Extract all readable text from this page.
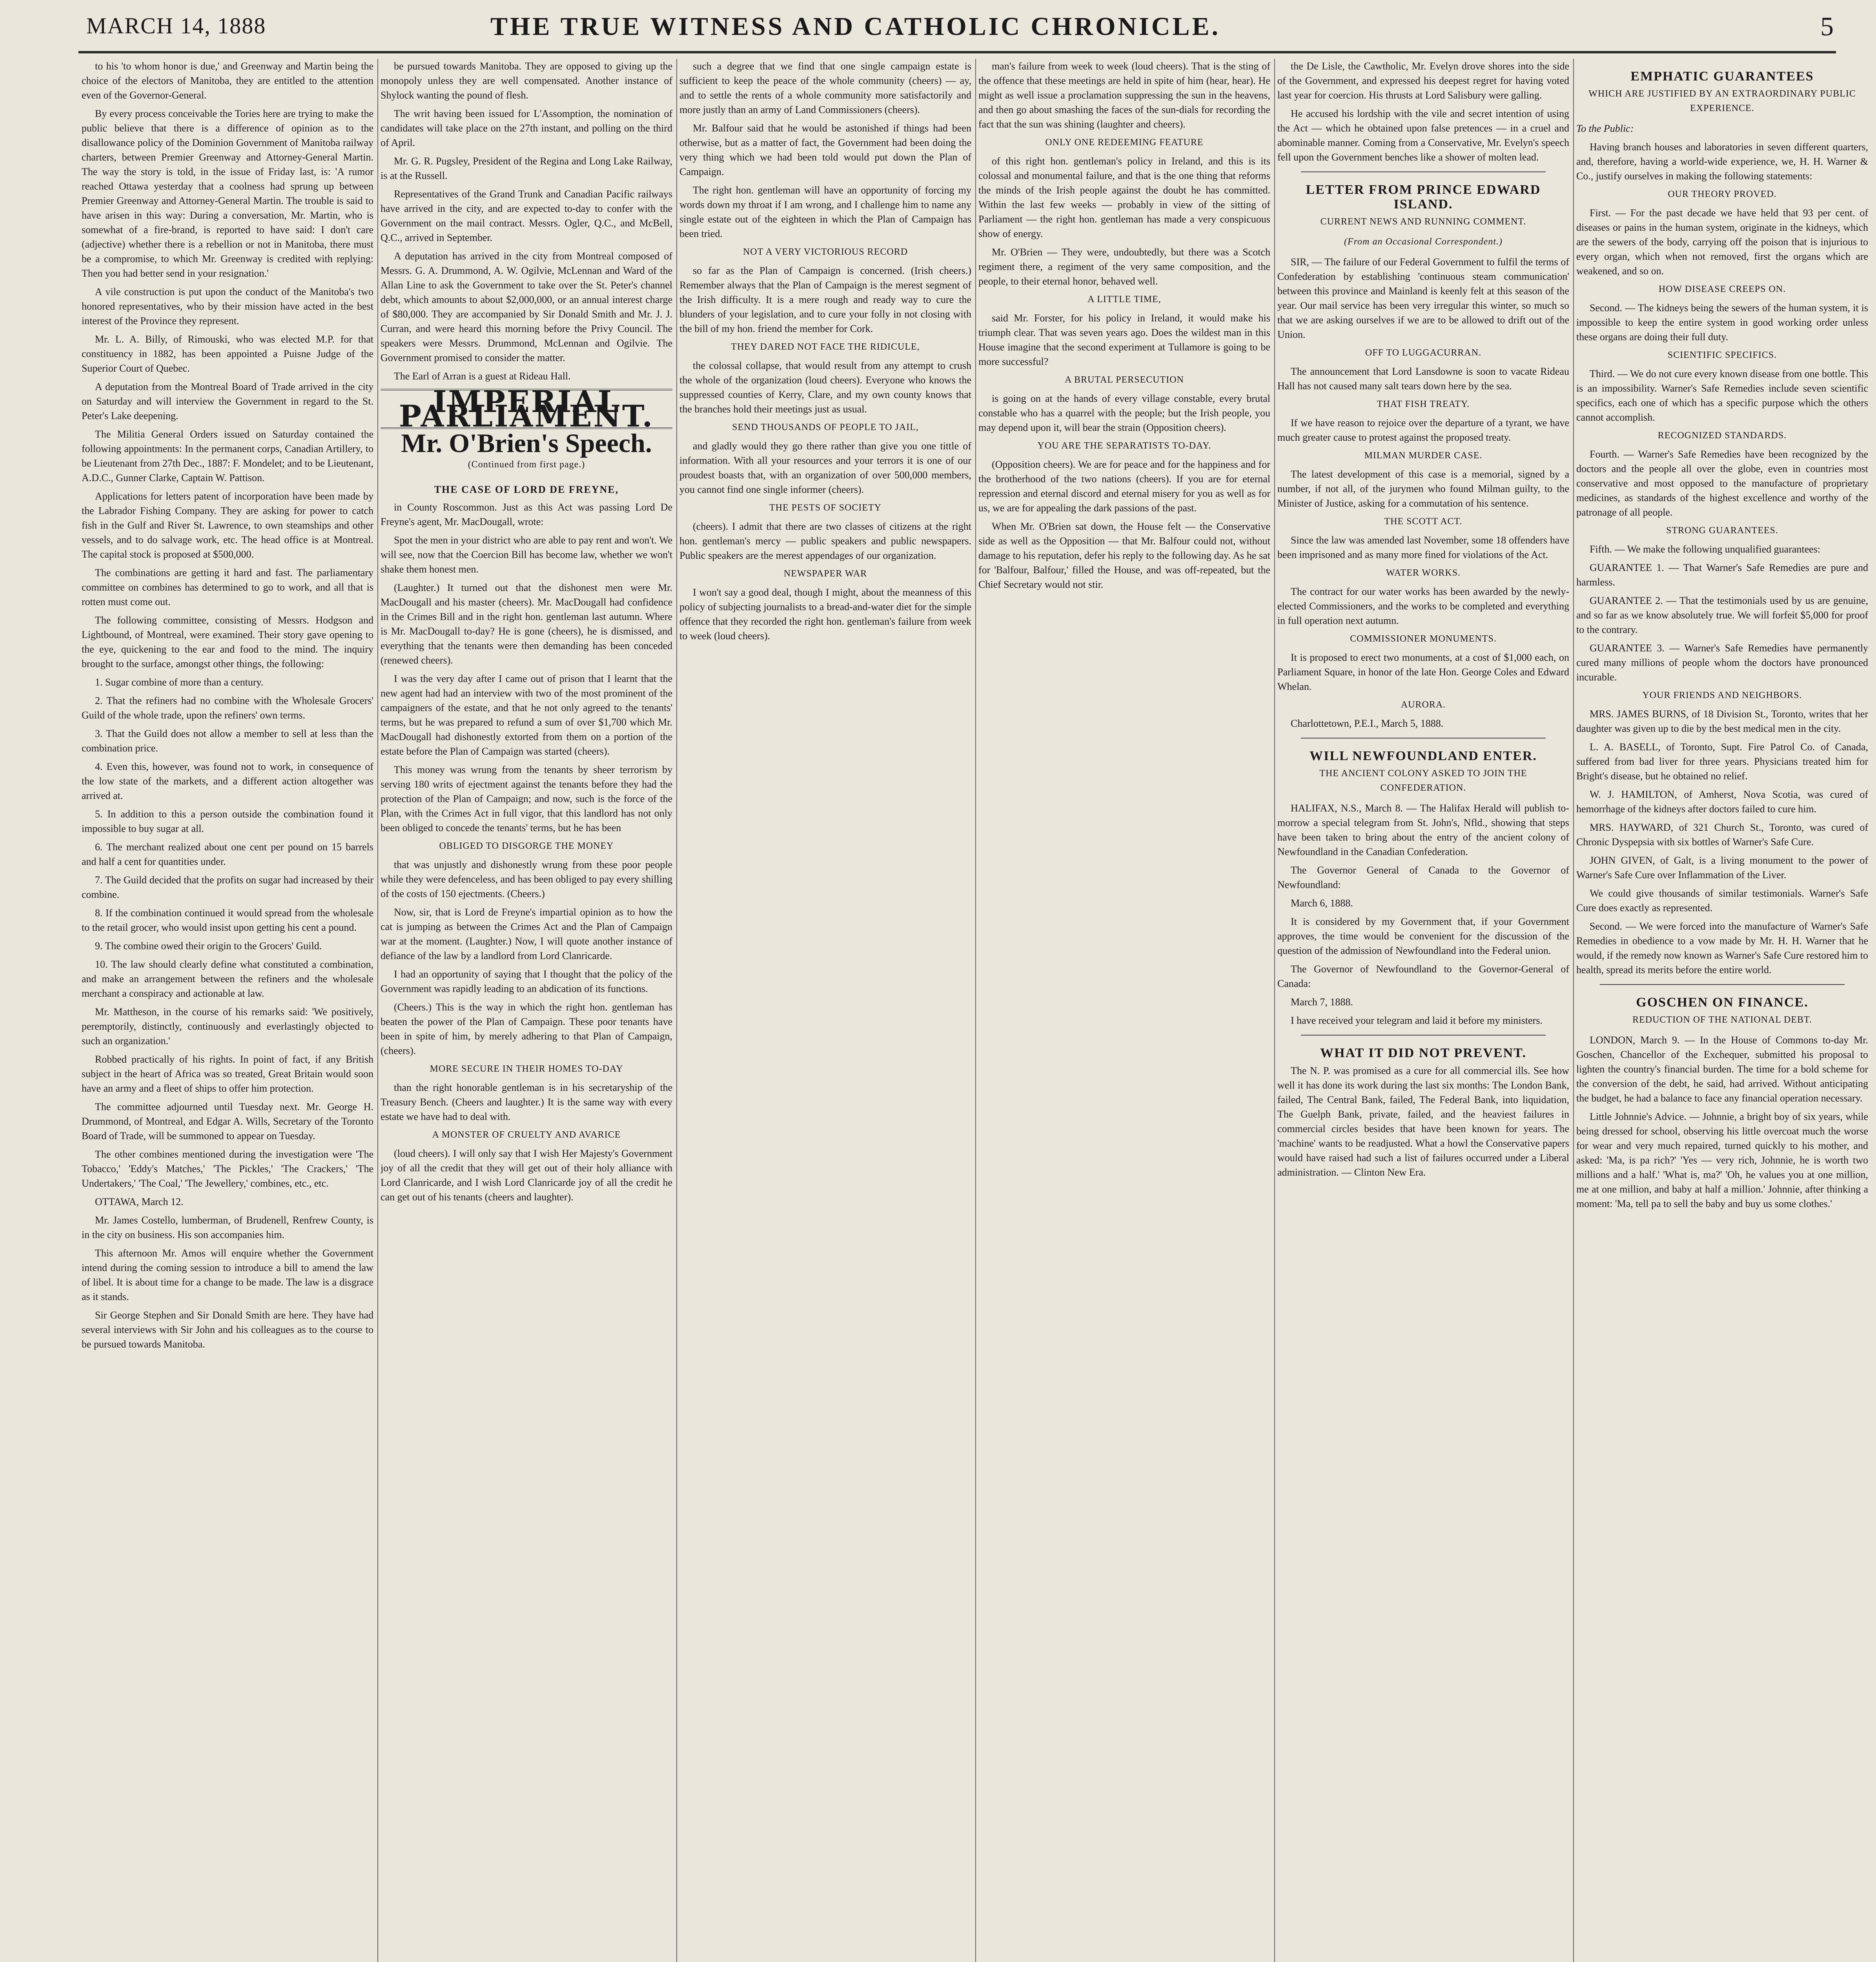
MARCH 14, 1888	THE TRUE WITNESS AND CATHOLIC CHRONICLE.	5

to his 'to whom honor is due,' and Greenway and Martin being the choice of the electors of Manitoba, they are entitled to the attention even of the Governor-General.

By every process conceivable the Tories here are trying to make the public believe that there is a difference of opinion as to the disallowance policy of the Dominion Government of Manitoba railway charters, between Premier Greenway and Attorney-General Martin. The way the story is told, in the issue of Friday last, is: 'A rumor reached Ottawa yesterday that a coolness had sprung up between Premier Greenway and Attorney-General Martin. The trouble is said to have arisen in this way: During a conversation, Mr. Martin, who is somewhat of a fire-brand, is reported to have said: I don't care (adjective) whether there is a rebellion or not in Manitoba, there must be a compromise, to which Mr. Greenway is credited with replying: Then you had better send in your resignation.'

A vile construction is put upon the conduct of the Manitoba's two honored representatives, who by their mission have acted in the best interest of the Province they represent.

Mr. L. A. Billy, of Rimouski, who was elected M.P. for that constituency in 1882, has been appointed a Puisne Judge of the Superior Court of Quebec.

A deputation from the Montreal Board of Trade arrived in the city on Saturday and will interview the Government in regard to the St. Peter's Lake deepening.

The Militia General Orders issued on Saturday contained the following appointments: In the permanent corps, Canadian Artillery, to be Lieutenant from 27th Dec., 1887: F. Mondelet; and to be Lieutenant, A.D.C., Gunner Clarke, Captain W. Pattison.

Applications for letters patent of incorporation have been made by the Labrador Fishing Company. They are asking for power to catch fish in the Gulf and River St. Lawrence, to own steamships and other vessels, and to do salvage work, etc. The head office is at Montreal. The capital stock is proposed at $500,000.

The combinations are getting it hard and fast. The parliamentary committee on combines has determined to go to work, and all that is rotten must come out.

The following committee, consisting of Messrs. Hodgson and Lightbound, of Montreal, were examined. Their story gave opening to the eye, quickening to the ear and food to the mind. The inquiry brought to the surface, amongst other things, the following:

1. Sugar combine of more than a century.

2. That the refiners had no combine with the Wholesale Grocers' Guild of the whole trade, upon the refiners' own terms.

3. That the Guild does not allow a member to sell at less than the combination price.

4. Even this, however, was found not to work, in consequence of the low state of the markets, and a different action altogether was arrived at.

5. In addition to this a person outside the combination found it impossible to buy sugar at all.

6. The merchant realized about one cent per pound on 15 barrels and half a cent for quantities under.

7. The Guild decided that the profits on sugar had increased by their combine.

8. If the combination continued it would spread from the wholesale to the retail grocer, who would insist upon getting his cent a pound.

9. The combine owed their origin to the Grocers' Guild.

10. The law should clearly define what constituted a combination, and make an arrangement between the refiners and the wholesale merchant a conspiracy and actionable at law.

Mr. Mattheson, in the course of his remarks said: 'We positively, peremptorily, distinctly, continuously and everlastingly objected to such an organization.'

Robbed practically of his rights. In point of fact, if any British subject in the heart of Africa was so treated, Great Britain would soon have an army and a fleet of ships to offer him protection.

The committee adjourned until Tuesday next. Mr. George H. Drummond, of Montreal, and Edgar A. Wills, Secretary of the Toronto Board of Trade, will be summoned to appear on Tuesday.

The other combines mentioned during the investigation were 'The Tobacco,' 'Eddy's Matches,' 'The Pickles,' 'The Crackers,' 'The Undertakers,' 'The Coal,' 'The Jewellery,' combines, etc., etc.

OTTAWA, March 12.

Mr. James Costello, lumberman, of Brudenell, Renfrew County, is in the city on business. His son accompanies him.

This afternoon Mr. Amos will enquire whether the Government intend during the coming session to introduce a bill to amend the law of libel. It is about time for a change to be made. The law is a disgrace as it stands.

Sir George Stephen and Sir Donald Smith are here. They have had several interviews with Sir John and his colleagues as to the course to be pursued towards Manitoba.

be pursued towards Manitoba. They are opposed to giving up the monopoly unless they are well compensated. Another instance of Shylock wanting the pound of flesh.

The writ having been issued for L'Assomption, the nomination of candidates will take place on the 27th instant, and polling on the third of April.

Mr. G. R. Pugsley, President of the Regina and Long Lake Railway, is at the Russell.

Representatives of the Grand Trunk and Canadian Pacific railways have arrived in the city, and are expected to-day to confer with the Government on the mail contract. Messrs. Ogler, Q.C., and McBell, Q.C., arrived in September.

A deputation has arrived in the city from Montreal composed of Messrs. G. A. Drummond, A. W. Ogilvie, McLennan and Ward of the Allan Line to ask the Government to take over the St. Peter's channel debt, which amounts to about $2,000,000, or an annual interest charge of $80,000. They are accompanied by Sir Donald Smith and Mr. J. J. Curran, and were heard this morning before the Privy Council. The speakers were Messrs. Drummond, McLennan and Ogilvie. The Government promised to consider the matter.

The Earl of Arran is a guest at Rideau Hall.

IMPERIAL PARLIAMENT.
Mr. O'Brien's Speech.
(Continued from first page.)
THE CASE OF LORD DE FREYNE,

in County Roscommon. Just as this Act was passing Lord De Freyne's agent, Mr. MacDougall, wrote:

Spot the men in your district who are able to pay rent and won't. We will see, now that the Coercion Bill has become law, whether we won't shake them honest men.

(Laughter.) It turned out that the dishonest men were Mr. MacDougall and his master (cheers). Mr. MacDougall had confidence in the Crimes Bill and in the right hon. gentleman last autumn. Where is Mr. MacDougall to-day? He is gone (cheers), he is dismissed, and everything that the tenants were then demanding has been conceded (renewed cheers).

I was the very day after I came out of prison that I learnt that the new agent had had an interview with two of the most prominent of the campaigners of the estate, and that he not only agreed to the tenants' terms, but he was prepared to refund a sum of over $1,700 which Mr. MacDougall had dishonestly extorted from them on a portion of the estate before the Plan of Campaign was started (cheers).

This money was wrung from the tenants by sheer terrorism by serving 180 writs of ejectment against the tenants before they had the protection of the Plan of Campaign; and now, such is the force of the Plan, with the Crimes Act in full vigor, that this landlord has not only been obliged to concede the tenants' terms, but he has been

OBLIGED TO DISGORGE THE MONEY

that was unjustly and dishonestly wrung from these poor people while they were defenceless, and has been obliged to pay every shilling of the costs of 150 ejectments. (Cheers.)

Now, sir, that is Lord de Freyne's impartial opinion as to how the cat is jumping as between the Crimes Act and the Plan of Campaign war at the moment. (Laughter.) Now, I will quote another instance of defiance of the law by a landlord from Lord Clanricarde.

I had an opportunity of saying that I thought that the policy of the Government was rapidly leading to an abdication of its functions.

(Cheers.) This is the way in which the right hon. gentleman has beaten the power of the Plan of Campaign. These poor tenants have been in spite of him, by merely adhering to that Plan of Campaign, (cheers).

MORE SECURE IN THEIR HOMES TO-DAY

than the right honorable gentleman is in his secretaryship of the Treasury Bench. (Cheers and laughter.) It is the same way with every estate we have had to deal with.

A MONSTER OF CRUELTY AND AVARICE

(loud cheers). I will only say that I wish Her Majesty's Government joy of all the credit that they will get out of their holy alliance with Lord Clanricarde, and I wish Lord Clanricarde joy of all the credit he can get out of his tenants (cheers and laughter).

such a degree that we find that one single campaign estate is sufficient to keep the peace of the whole community (cheers) — ay, and to settle the rents of a whole community more satisfactorily and more justly than an army of Land Commissioners (cheers).

Mr. Balfour said that he would be astonished if things had been otherwise, but as a matter of fact, the Government had been doing the very thing which we had been told would put down the Plan of Campaign.

The right hon. gentleman will have an opportunity of forcing my words down my throat if I am wrong, and I challenge him to name any single estate out of the eighteen in which the Plan of Campaign has been tried.

NOT A VERY VICTORIOUS RECORD

so far as the Plan of Campaign is concerned. (Irish cheers.) Remember always that the Plan of Campaign is the merest segment of the Irish difficulty. It is a mere rough and ready way to cure the blunders of your legislation, and to cure your folly in not closing with the bill of my hon. friend the member for Cork.

THEY DARED NOT FACE THE RIDICULE,

the colossal collapse, that would result from any attempt to crush the whole of the organization (loud cheers). Everyone who knows the suppressed counties of Kerry, Clare, and my own county knows that the branches hold their meetings just as usual.

SEND THOUSANDS OF PEOPLE TO JAIL,

and gladly would they go there rather than give you one tittle of information. With all your resources and your terrors it is one of our proudest boasts that, with an organization of over 500,000 members, you cannot find one single informer (cheers).

THE PESTS OF SOCIETY

(cheers). I admit that there are two classes of citizens at the right hon. gentleman's mercy — public speakers and public newspapers. Public speakers are the merest appendages of our organization.

NEWSPAPER WAR

I won't say a good deal, though I might, about the meanness of this policy of subjecting journalists to a bread-and-water diet for the simple offence that they recorded the right hon. gentleman's failure from week to week (loud cheers).

man's failure from week to week (loud cheers). That is the sting of the offence that these meetings are held in spite of him (hear, hear). He might as well issue a proclamation suppressing the sun in the heavens, and then go about smashing the faces of the sun-dials for recording the fact that the sun was shining (laughter and cheers).

ONLY ONE REDEEMING FEATURE

of this right hon. gentleman's policy in Ireland, and this is its colossal and monumental failure, and that is the one thing that reforms the minds of the Irish people against the doubt he has committed. Within the last few weeks — probably in view of the sitting of Parliament — the right hon. gentleman has made a very conspicuous show of energy.

Mr. O'Brien — They were, undoubtedly, but there was a Scotch regiment there, a regiment of the very same composition, and the people, to their eternal honor, behaved well.

A LITTLE TIME,

said Mr. Forster, for his policy in Ireland, it would make his triumph clear. That was seven years ago. Does the wildest man in this House imagine that the second experiment at Tullamore is going to be more successful?

A BRUTAL PERSECUTION

is going on at the hands of every village constable, every brutal constable who has a quarrel with the people; but the Irish people, you may depend upon it, will bear the strain (Opposition cheers).

YOU ARE THE SEPARATISTS TO-DAY.

(Opposition cheers). We are for peace and for the happiness and for the brotherhood of the two nations (cheers). If you are for eternal repression and eternal discord and eternal misery for you as well as for us, we are for appealing the dark passions of the past.

When Mr. O'Brien sat down, the House felt — the Conservative side as well as the Opposition — that Mr. Balfour could not, without damage to his reputation, defer his reply to the following day. As he sat for 'Balfour, Balfour,' filled the House, and was off-repeated, but the Chief Secretary would not stir.

the De Lisle, the Cawtholic, Mr. Evelyn drove shores into the side of the Government, and expressed his deepest regret for having voted last year for coercion. His thrusts at Lord Salisbury were galling.

He accused his lordship with the vile and secret intention of using the Act — which he obtained upon false pretences — in a cruel and abominable manner. Coming from a Conservative, Mr. Evelyn's speech fell upon the Government benches like a shower of molten lead.

LETTER FROM PRINCE EDWARD ISLAND.
CURRENT NEWS AND RUNNING COMMENT.
(From an Occasional Correspondent.)

SIR, — The failure of our Federal Government to fulfil the terms of Confederation by establishing 'continuous steam communication' between this province and Mainland is keenly felt at this season of the year. Our mail service has been very irregular this winter, so much so that we are asking ourselves if we are to be allowed to drift out of the Union.

OFF TO LUGGACURRAN.

The announcement that Lord Lansdowne is soon to vacate Rideau Hall has not caused many salt tears down here by the sea.

THAT FISH TREATY.

If we have reason to rejoice over the departure of a tyrant, we have much greater cause to protest against the proposed treaty.

MILMAN MURDER CASE.

The latest development of this case is a memorial, signed by a number, if not all, of the jurymen who found Milman guilty, to the Minister of Justice, asking for a commutation of his sentence.

THE SCOTT ACT.

Since the law was amended last November, some 18 offenders have been imprisoned and as many more fined for violations of the Act.

WATER WORKS.

The contract for our water works has been awarded by the newly-elected Commissioners, and the works to be completed and everything in full operation next autumn.

COMMISSIONER MONUMENTS.

It is proposed to erect two monuments, at a cost of $1,000 each, on Parliament Square, in honor of the late Hon. George Coles and Edward Whelan.

AURORA.

Charlottetown, P.E.I., March 5, 1888.

WILL NEWFOUNDLAND ENTER.
THE ANCIENT COLONY ASKED TO JOIN THE CONFEDERATION.

HALIFAX, N.S., March 8. — The Halifax Herald will publish to-morrow a special telegram from St. John's, Nfld., showing that steps have been taken to bring about the entry of the ancient colony of Newfoundland in the Canadian Confederation.

The Governor General of Canada to the Governor of Newfoundland:

March 6, 1888.

It is considered by my Government that, if your Government approves, the time would be convenient for the discussion of the question of the admission of Newfoundland into the Federal union.

The Governor of Newfoundland to the Governor-General of Canada:

March 7, 1888.

I have received your telegram and laid it before my ministers.

WHAT IT DID NOT PREVENT.

The N. P. was promised as a cure for all commercial ills. See how well it has done its work during the last six months: The London Bank, failed, The Central Bank, failed, The Federal Bank, into liquidation, The Guelph Bank, private, failed, and the heaviest failures in commercial circles besides that have been known for years. The 'machine' wants to be readjusted. What a howl the Conservative papers would have raised had such a list of failures occurred under a Liberal administration. — Clinton New Era.

EMPHATIC GUARANTEES
WHICH ARE JUSTIFIED BY AN EXTRAORDINARY PUBLIC EXPERIENCE.

To the Public:

Having branch houses and laboratories in seven different quarters, and, therefore, having a world-wide experience, we, H. H. Warner & Co., justify ourselves in making the following statements:

OUR THEORY PROVED.

First. — For the past decade we have held that 93 per cent. of diseases or pains in the human system, originate in the kidneys, which are the sewers of the body, carrying off the poison that is injurious to every organ, which when not removed, first the organs which are weakened, and so on.

HOW DISEASE CREEPS ON.

Second. — The kidneys being the sewers of the human system, it is impossible to keep the entire system in good working order unless these organs are doing their full duty.

SCIENTIFIC SPECIFICS.

Third. — We do not cure every known disease from one bottle. This is an impossibility. Warner's Safe Remedies include seven scientific specifics, each one of which has a specific purpose which the others cannot accomplish.

RECOGNIZED STANDARDS.

Fourth. — Warner's Safe Remedies have been recognized by the doctors and the people all over the globe, even in countries most conservative and most opposed to the manufacture of proprietary medicines, as standards of the highest excellence and worthy of the patronage of all people.

STRONG GUARANTEES.

Fifth. — We make the following unqualified guarantees:

GUARANTEE 1. — That Warner's Safe Remedies are pure and harmless.

GUARANTEE 2. — That the testimonials used by us are genuine, and so far as we know absolutely true. We will forfeit $5,000 for proof to the contrary.

GUARANTEE 3. — Warner's Safe Remedies have permanently cured many millions of people whom the doctors have pronounced incurable.

YOUR FRIENDS AND NEIGHBORS.

MRS. JAMES BURNS, of 18 Division St., Toronto, writes that her daughter was given up to die by the best medical men in the city.

L. A. BASELL, of Toronto, Supt. Fire Patrol Co. of Canada, suffered from bad liver for three years. Physicians treated him for Bright's disease, but he obtained no relief.

W. J. HAMILTON, of Amherst, Nova Scotia, was cured of hemorrhage of the kidneys after doctors failed to cure him.

MRS. HAYWARD, of 321 Church St., Toronto, was cured of Chronic Dyspepsia with six bottles of Warner's Safe Cure.

JOHN GIVEN, of Galt, is a living monument to the power of Warner's Safe Cure over Inflammation of the Liver.

We could give thousands of similar testimonials. Warner's Safe Cure does exactly as represented.

Second. — We were forced into the manufacture of Warner's Safe Remedies in obedience to a vow made by Mr. H. H. Warner that he would, if the remedy now known as Warner's Safe Cure restored him to health, spread its merits before the entire world.

GOSCHEN ON FINANCE.
REDUCTION OF THE NATIONAL DEBT.

LONDON, March 9. — In the House of Commons to-day Mr. Goschen, Chancellor of the Exchequer, submitted his proposal to lighten the country's financial burden. The time for a bold scheme for the conversion of the debt, he said, had arrived. Without anticipating the budget, he had a balance to face any financial operation necessary.

Little Johnnie's Advice. — Johnnie, a bright boy of six years, while being dressed for school, observing his little overcoat much the worse for wear and very much repaired, turned quickly to his mother, and asked: 'Ma, is pa rich?' 'Yes — very rich, Johnnie, he is worth two millions and a half.' 'What is, ma?' 'Oh, he values you at one million, me at one million, and baby at half a million.' Johnnie, after thinking a moment: 'Ma, tell pa to sell the baby and buy us some clothes.'
